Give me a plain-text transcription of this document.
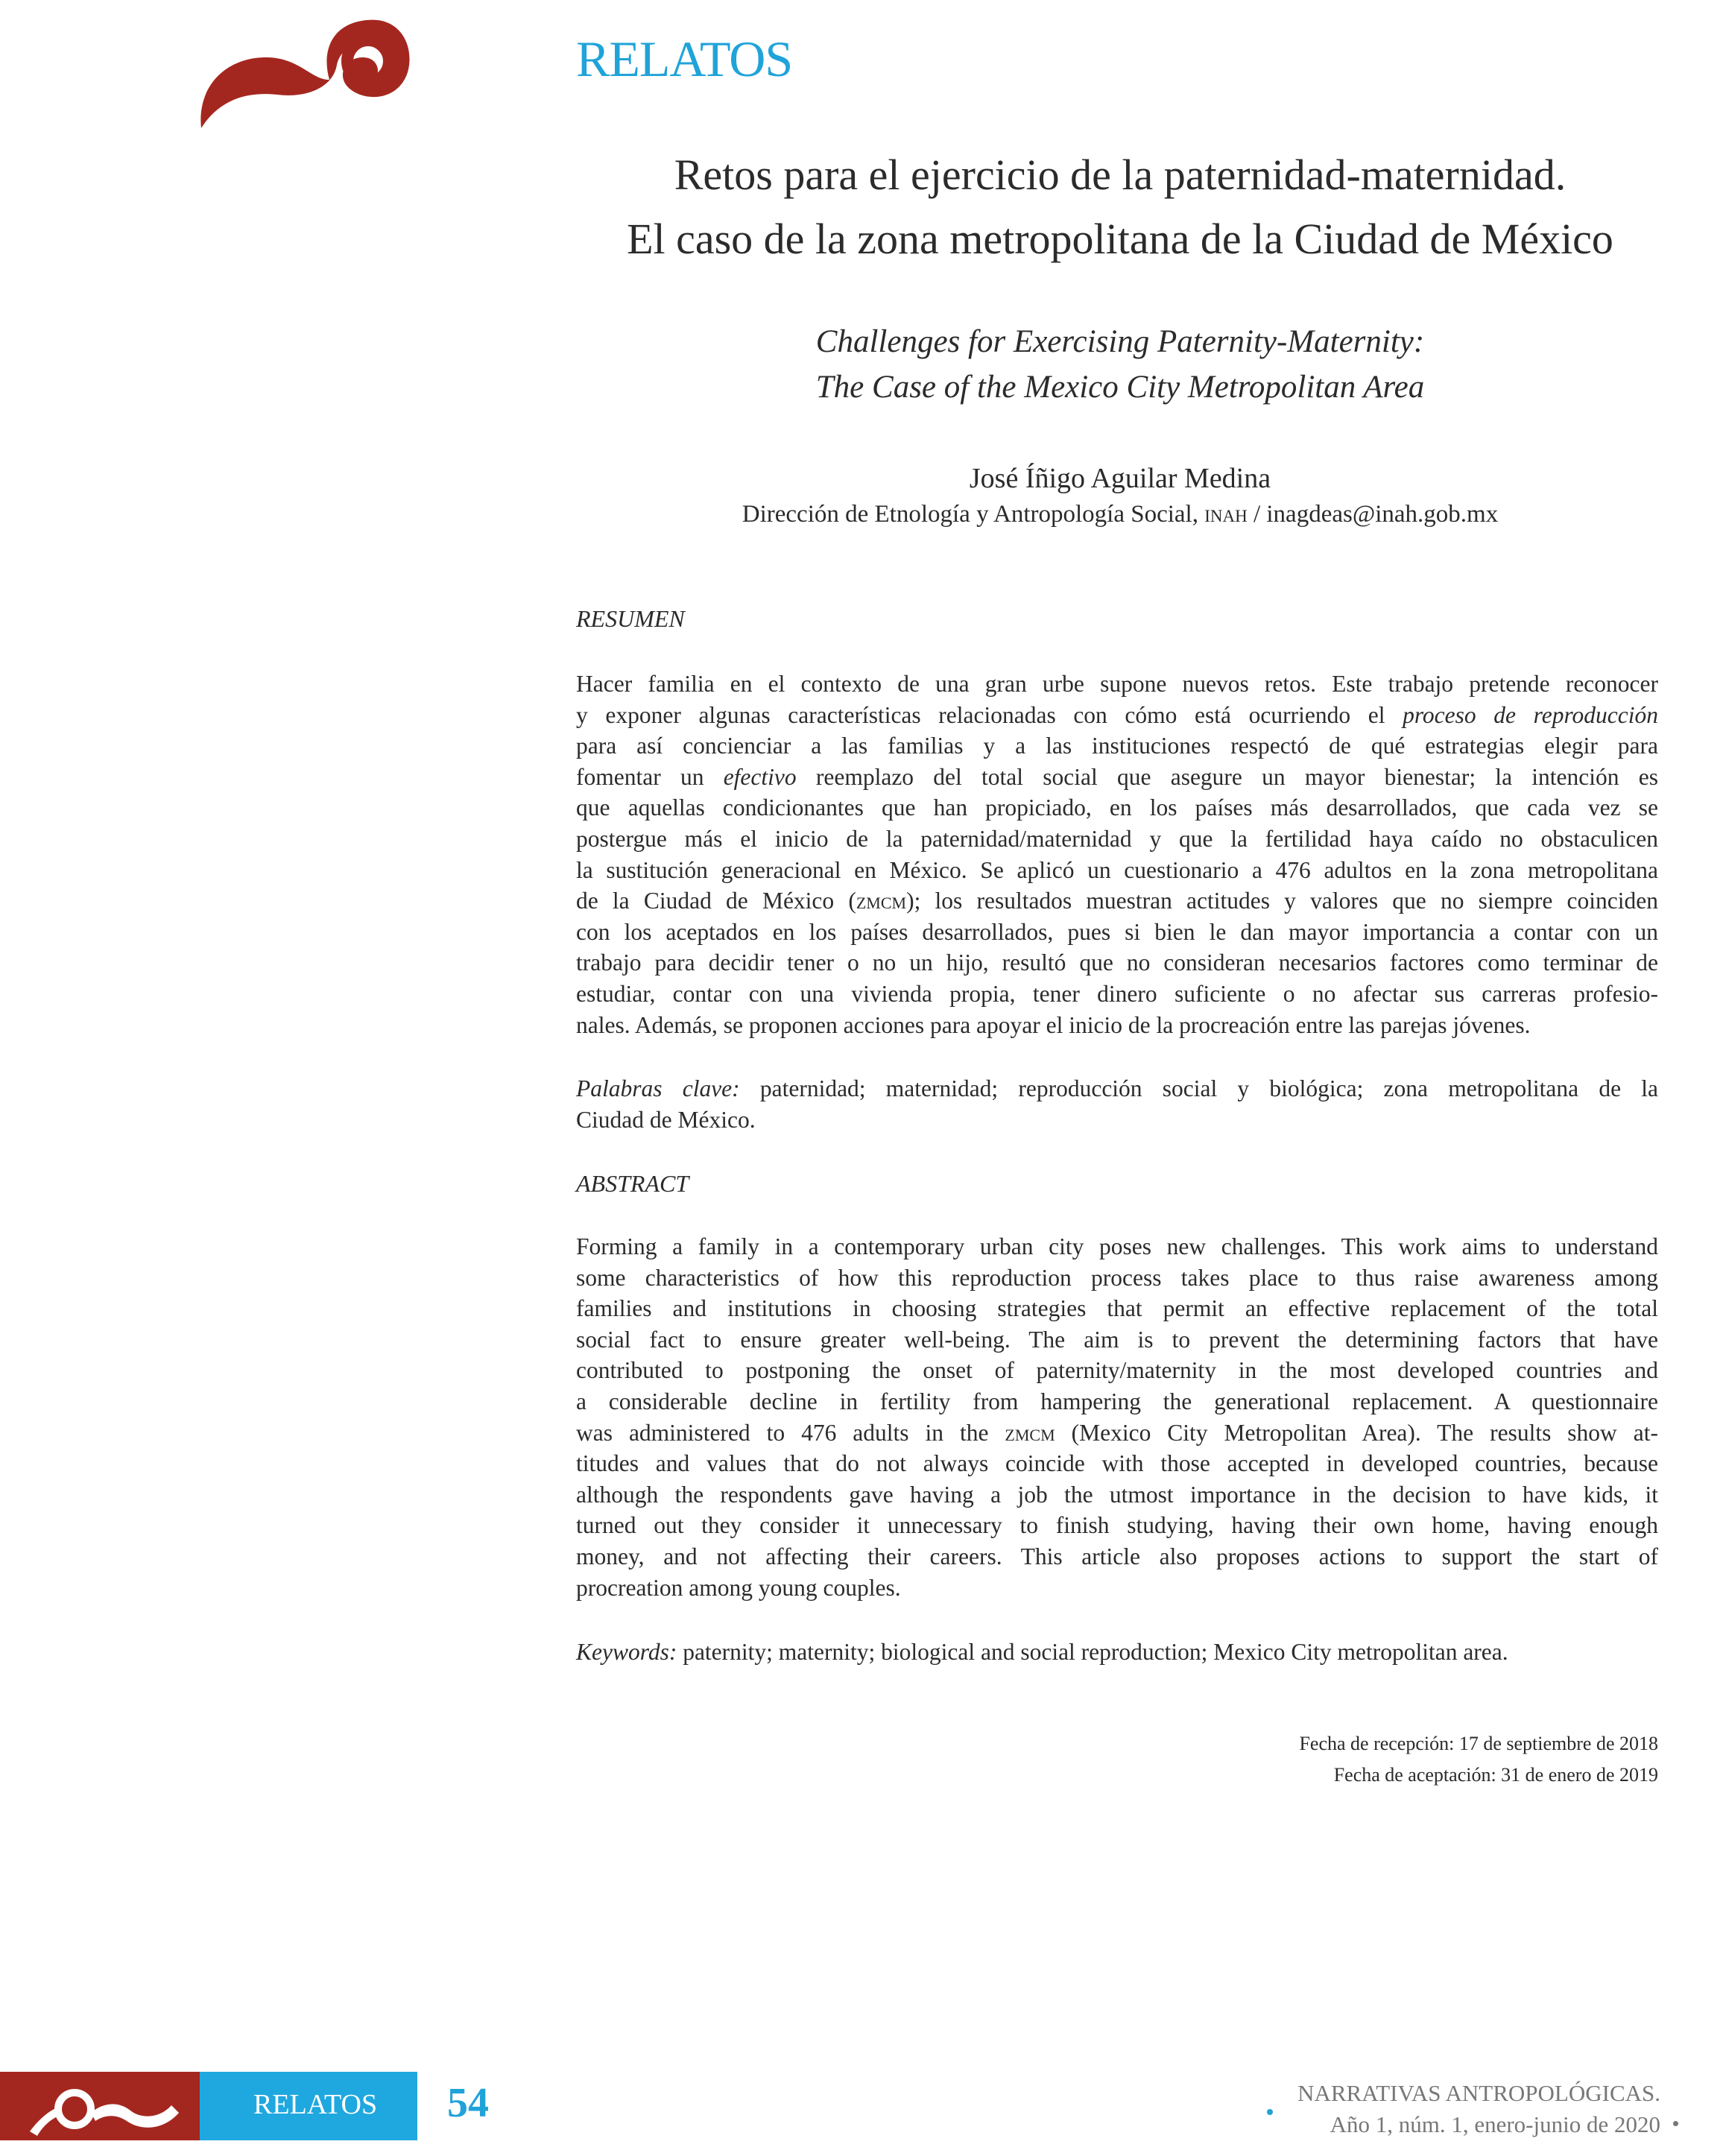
RELATOS
Retos para el ejercicio de la paternidad-maternidad.
El caso de la zona metropolitana de la Ciudad de México
Challenges for Exercising Paternity-Maternity:
The Case of the Mexico City Metropolitan Area
José Íñigo Aguilar Medina
Dirección de Etnología y Antropología Social, inah / inagdeas@inah.gob.mx
RESUMEN
Hacer familia en el contexto de una gran urbe supone nuevos retos. Este trabajo pretende reconocer
y exponer algunas características relacionadas con cómo está ocurriendo el proceso de reproducción
para así concienciar a las familias y a las instituciones respectó de qué estrategias elegir para
fomentar un efectivo reemplazo del total social que asegure un mayor bienestar; la intención es
que aquellas condicionantes que han propiciado, en los países más desarrollados, que cada vez se
postergue más el inicio de la paternidad/maternidad y que la fertilidad haya caído no obstaculicen
la sustitución generacional en México. Se aplicó un cuestionario a 476 adultos en la zona metropolitana
de la Ciudad de México (zmcm); los resultados muestran actitudes y valores que no siempre coinciden
con los aceptados en los países desarrollados, pues si bien le dan mayor importancia a contar con un
trabajo para decidir tener o no un hijo, resultó que no consideran necesarios factores como terminar de
estudiar, contar con una vivienda propia, tener dinero suficiente o no afectar sus carreras profesio-
nales. Además, se proponen acciones para apoyar el inicio de la procreación entre las parejas jóvenes.
Palabras clave: paternidad; maternidad; reproducción social y biológica; zona metropolitana de la
Ciudad de México.
ABSTRACT
Forming a family in a contemporary urban city poses new challenges. This work aims to understand
some characteristics of how this reproduction process takes place to thus raise awareness among
families and institutions in choosing strategies that permit an effective replacement of the total
social fact to ensure greater well-being. The aim is to prevent the determining factors that have
contributed to postponing the onset of paternity/maternity in the most developed countries and
a considerable decline in fertility from hampering the generational replacement. A questionnaire
was administered to 476 adults in the zmcm (Mexico City Metropolitan Area). The results show at-
titudes and values that do not always coincide with those accepted in developed countries, because
although the respondents gave having a job the utmost importance in the decision to have kids, it
turned out they consider it unnecessary to finish studying, having their own home, having enough
money, and not affecting their careers. This article also proposes actions to support the start of
procreation among young couples.
Keywords: paternity; maternity; biological and social reproduction; Mexico City metropolitan area.
Fecha de recepción: 17 de septiembre de 2018
Fecha de aceptación: 31 de enero de 2019
RELATOS 54	NARRATIVAS ANTROPOLÓGICAS.
Año 1, núm. 1, enero-junio de 2020
